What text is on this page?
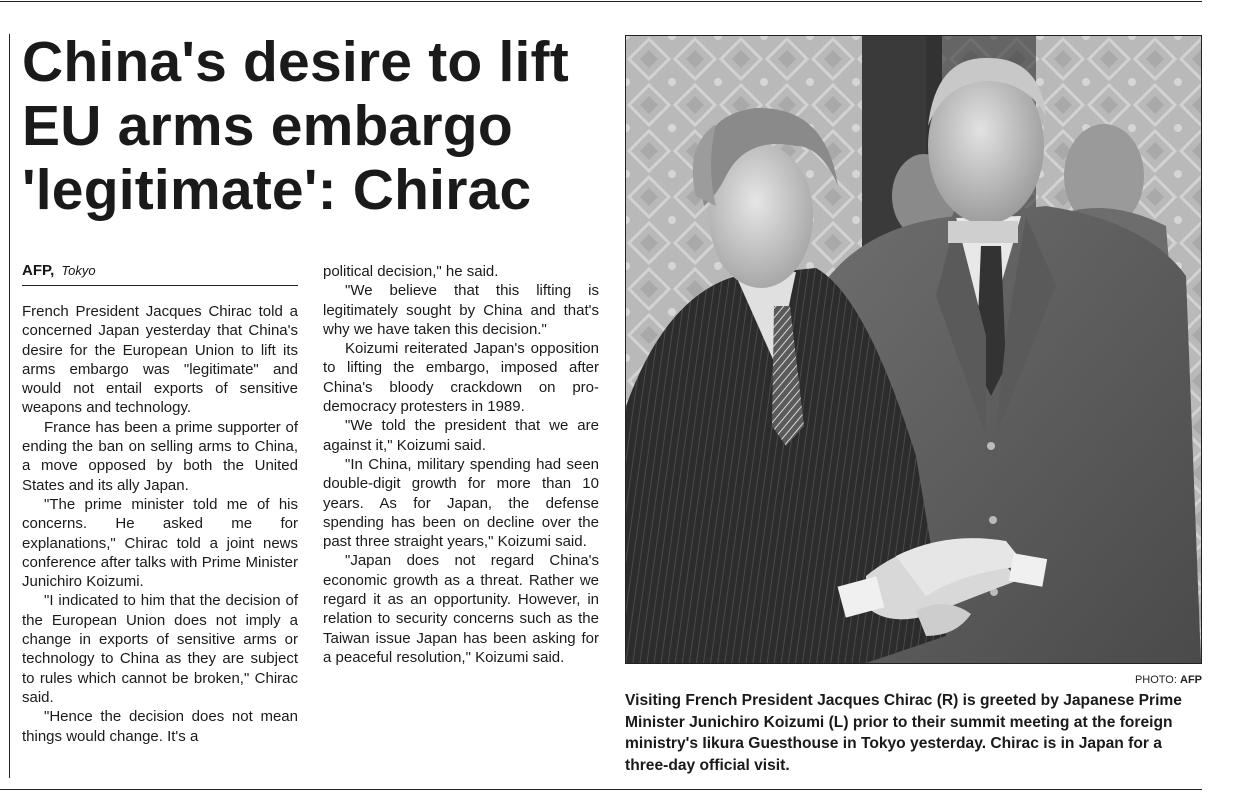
China's desire to lift
EU arms embargo
'legitimate': Chirac
AFP, Tokyo

French President Jacques Chirac told a concerned Japan yesterday that China's desire for the European Union to lift its arms embargo was "legitimate" and would not entail exports of sensitive weapons and technology.

France has been a prime supporter of ending the ban on selling arms to China, a move opposed by both the United States and its ally Japan.

"The prime minister told me of his concerns. He asked me for explanations," Chirac told a joint news conference after talks with Prime Minister Junichiro Koizumi.

"I indicated to him that the decision of the European Union does not imply a change in exports of sensitive arms or technology to China as they are subject to rules which cannot be broken," Chirac said.

"Hence the decision does not mean things would change. It's a

political decision," he said.

"We believe that this lifting is legitimately sought by China and that's why we have taken this decision."

Koizumi reiterated Japan's opposition to lifting the embargo, imposed after China's bloody crackdown on pro-democracy protesters in 1989.

"We told the president that we are against it," Koizumi said.

"In China, military spending had seen double-digit growth for more than 10 years. As for Japan, the defense spending has been on decline over the past three straight years," Koizumi said.

"Japan does not regard China's economic growth as a threat. Rather we regard it as an opportunity. However, in relation to security concerns such as the Taiwan issue Japan has been asking for a peaceful resolution," Koizumi said.

PHOTO: AFP

Visiting French President Jacques Chirac (R) is greeted by Japanese Prime Minister Junichiro Koizumi (L) prior to their summit meeting at the foreign ministry's Iikura Guesthouse in Tokyo yesterday. Chirac is in Japan for a three-day official visit.
